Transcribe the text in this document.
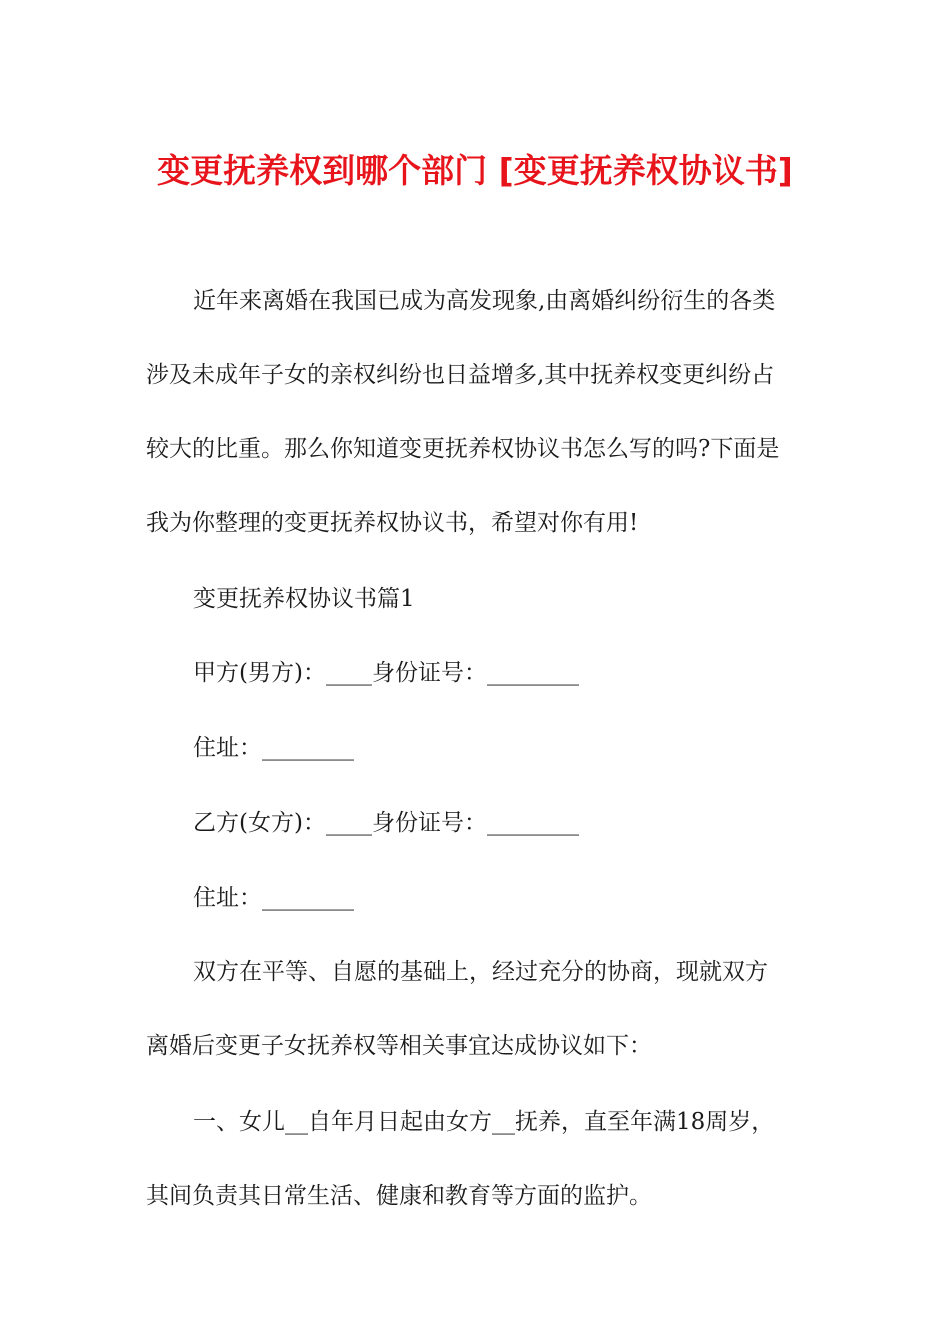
变更抚养权到哪个部门 [变更抚养权协议书]

近年来离婚在我国已成为高发现象,由离婚纠纷衍生的各类

涉及未成年子女的亲权纠纷也日益增多,其中抚养权变更纠纷占

较大的比重。那么你知道变更抚养权协议书怎么写的吗?下面是

我为你整理的变更抚养权协议书，希望对你有用!

变更抚养权协议书篇1

甲方(男方)：____身份证号：________

住址：________

乙方(女方)：____身份证号：________

住址：________

双方在平等、自愿的基础上，经过充分的协商，现就双方

离婚后变更子女抚养权等相关事宜达成协议如下：

一、女儿__自年月日起由女方__抚养，直至年满18周岁，

其间负责其日常生活、健康和教育等方面的监护。
